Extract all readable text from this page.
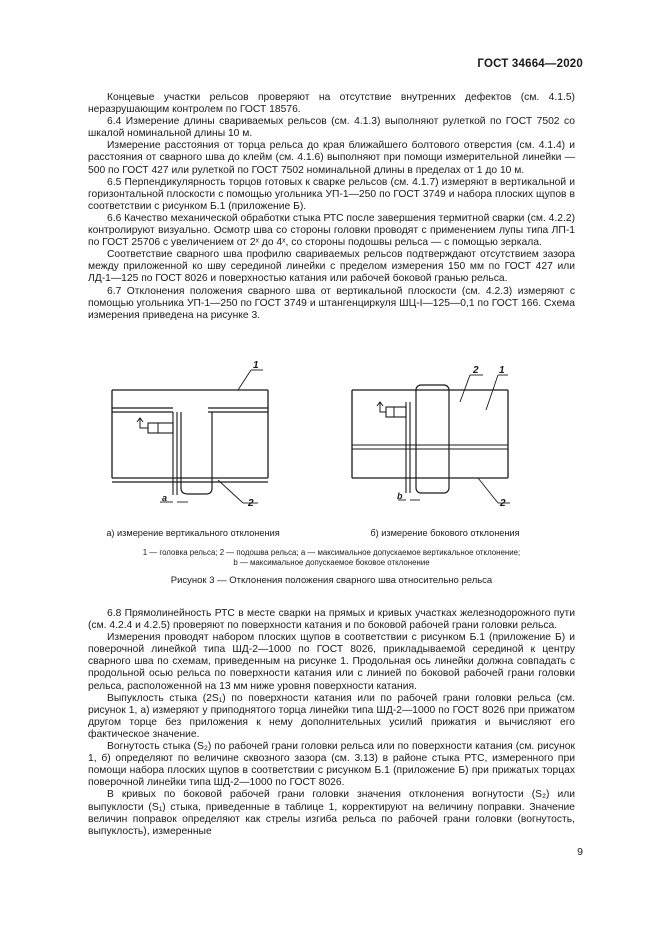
ГОСТ 34664—2020

Концевые участки рельсов проверяют на отсутствие внутренних дефектов (см. 4.1.5) неразрушающим контролем по ГОСТ 18576.

6.4 Измерение длины свариваемых рельсов (см. 4.1.3) выполняют рулеткой по ГОСТ 7502 со шкалой номинальной длины 10 м.

Измерение расстояния от торца рельса до края ближайшего болтового отверстия (см. 4.1.4) и расстояния от сварного шва до клейм (см. 4.1.6) выполняют при помощи измерительной линейки — 500 по ГОСТ 427 или рулеткой по ГОСТ 7502 номинальной длины в пределах от 1 до 10 м.

6.5 Перпендикулярность торцов готовых к сварке рельсов (см. 4.1.7) измеряют в вертикальной и горизонтальной плоскости с помощью угольника УП-1—250 по ГОСТ 3749 и набора плоских щупов в соответствии с рисунком Б.1 (приложение Б).

6.6 Качество механической обработки стыка РТС после завершения термитной сварки (см. 4.2.2) контролируют визуально. Осмотр шва со стороны головки проводят с применением лупы типа ЛП-1 по ГОСТ 25706 с увеличением от 2ˣ до 4ˣ, со стороны подошвы рельса — с помощью зеркала.

Соответствие сварного шва профилю свариваемых рельсов подтверждают отсутствием зазора между приложенной ко шву серединой линейки с пределом измерения 150 мм по ГОСТ 427 или ЛД-1—125 по ГОСТ 8026 и поверхностью катания или рабочей боковой гранью рельса.

6.7 Отклонения положения сварного шва от вертикальной плоскости (см. 4.2.3) измеряют с помощью угольника УП-1—250 по ГОСТ 3749 и штангенциркуля ШЦ-I—125—0,1 по ГОСТ 166. Схема измерения приведена на рисунке 3.

1
2
2 1
2
a	b
а) измерение вертикального отклонения	б) измерение бокового отклонения
1 — головка рельса; 2 — подошва рельса; a — максимальное допускаемое вертикальное отклонение;
b — максимальное допускаемое боковое отклонение
Рисунок 3 — Отклонения положения сварного шва относительно рельса

6.8 Прямолинейность РТС в месте сварки на прямых и кривых участках железнодорожного пути (см. 4.2.4 и 4.2.5) проверяют по поверхности катания и по боковой рабочей грани головки рельса.

Измерения проводят набором плоских щупов в соответствии с рисунком Б.1 (приложение Б) и поверочной линейкой типа ШД-2—1000 по ГОСТ 8026, прикладываемой серединой к центру сварного шва по схемам, приведенным на рисунке 1. Продольная ось линейки должна совпадать с продольной осью рельса по поверхности катания или с линией по боковой рабочей грани головки рельса, расположенной на 13 мм ниже уровня поверхности катания.

Выпуклость стыка (2S₁) по поверхности катания или по рабочей грани головки рельса (см. рисунок 1, а) измеряют у приподнятого торца линейки типа ШД-2—1000 по ГОСТ 8026 при прижатом другом торце без приложения к нему дополнительных усилий прижатия и вычисляют его фактическое значение.

Вогнутость стыка (S₂) по рабочей грани головки рельса или по поверхности катания (см. рисунок 1, б) определяют по величине сквозного зазора (см. 3.13) в районе стыка РТС, измеренного при помощи набора плоских щупов в соответствии с рисунком Б.1 (приложение Б) при прижатых торцах поверочной линейки типа ШД-2—1000 по ГОСТ 8026.

В кривых по боковой рабочей грани головки значения отклонения вогнутости (S₂) или выпуклости (S₁) стыка, приведенные в таблице 1, корректируют на величину поправки. Значение величин поправок определяют как стрелы изгиба рельса по рабочей грани головки (вогнутость, выпуклость), измеренные

9
